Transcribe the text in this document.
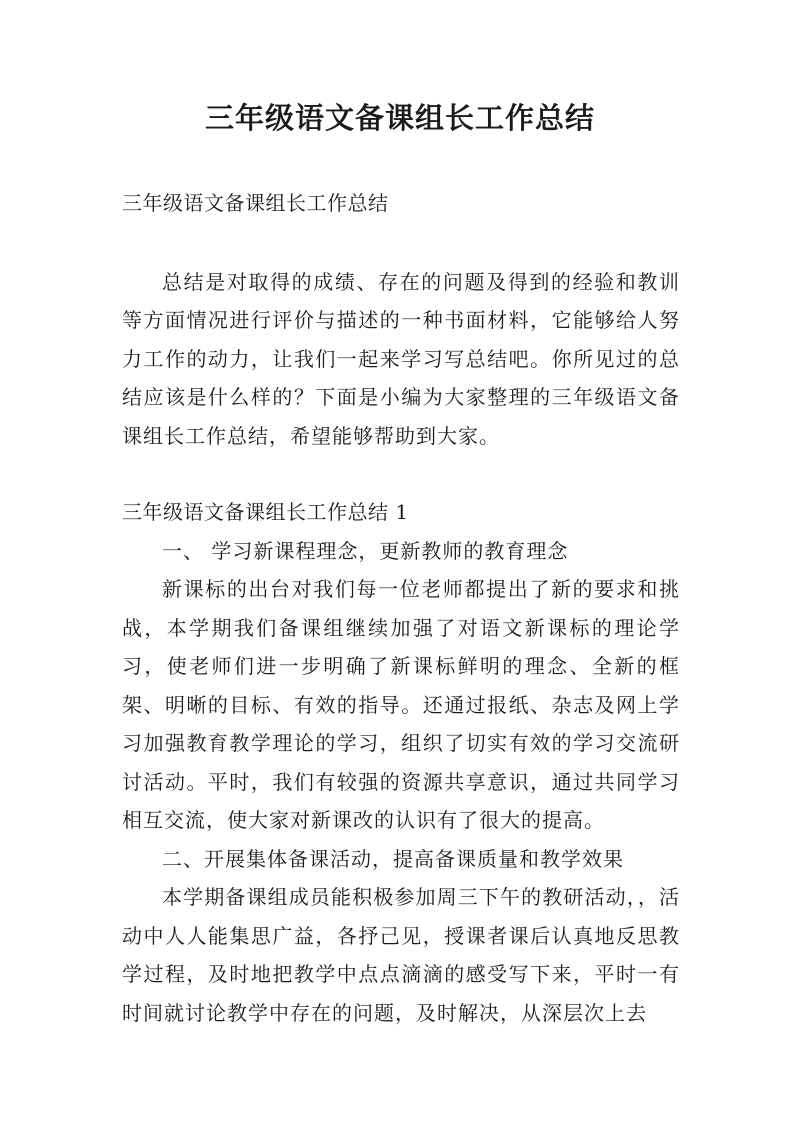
三年级语文备课组长工作总结

三年级语文备课组长工作总结

总结是对取得的成绩、存在的问题及得到的经验和教训等方面情况进行评价与描述的一种书面材料，它能够给人努力工作的动力，让我们一起来学习写总结吧。你所见过的总结应该是什么样的？下面是小编为大家整理的三年级语文备课组长工作总结，希望能够帮助到大家。

三年级语文备课组长工作总结 1

一、 学习新课程理念，更新教师的教育理念

新课标的出台对我们每一位老师都提出了新的要求和挑战，本学期我们备课组继续加强了对语文新课标的理论学习，使老师们进一步明确了新课标鲜明的理念、全新的框架、明晰的目标、有效的指导。还通过报纸、杂志及网上学习加强教育教学理论的学习，组织了切实有效的学习交流研讨活动。平时，我们有较强的资源共享意识，通过共同学习相互交流，使大家对新课改的认识有了很大的提高。

二、开展集体备课活动，提高备课质量和教学效果

本学期备课组成员能积极参加周三下午的教研活动，，活动中人人能集思广益，各抒己见，授课者课后认真地反思教学过程，及时地把教学中点点滴滴的感受写下来，平时一有时间就讨论教学中存在的问题，及时解决，从深层次上去
